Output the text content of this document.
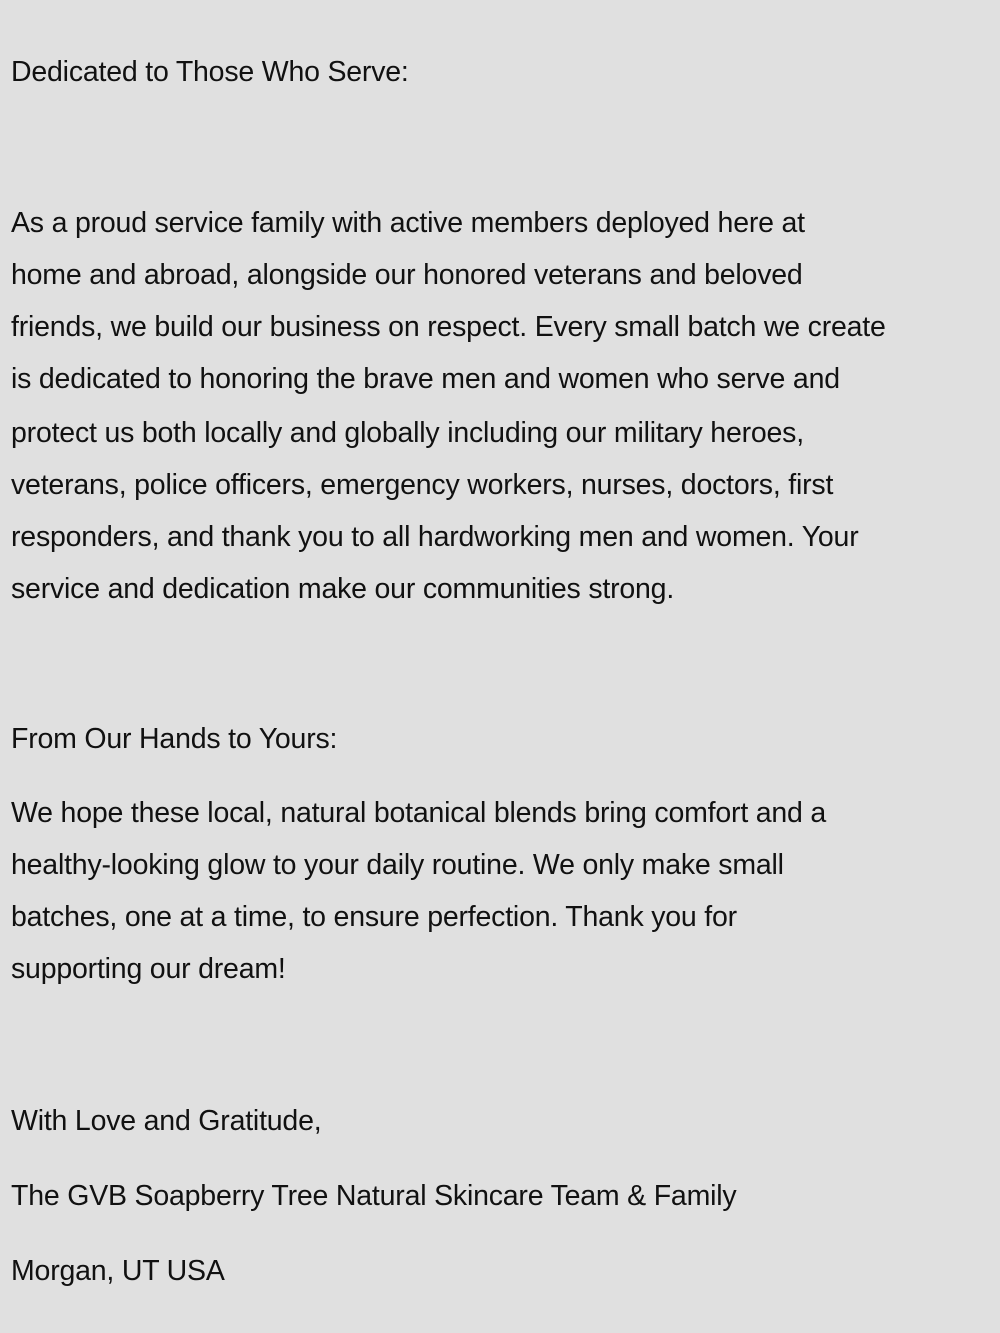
Dedicated to Those Who Serve:
As a proud service family with active members deployed here at
home and abroad, alongside our honored veterans and beloved
friends, we build our business on respect. Every small batch we create
is dedicated to honoring the brave men and women who serve and
protect us both locally and globally including our military heroes,
veterans, police officers, emergency workers, nurses, doctors, first
responders, and thank you to all hardworking men and women. Your
service and dedication make our communities strong.
From Our Hands to Yours:
We hope these local, natural botanical blends bring comfort and a
healthy-looking glow to your daily routine. We only make small
batches, one at a time, to ensure perfection. Thank you for
supporting our dream!
With Love and Gratitude,
The GVB Soapberry Tree Natural Skincare Team & Family
Morgan, UT USA
